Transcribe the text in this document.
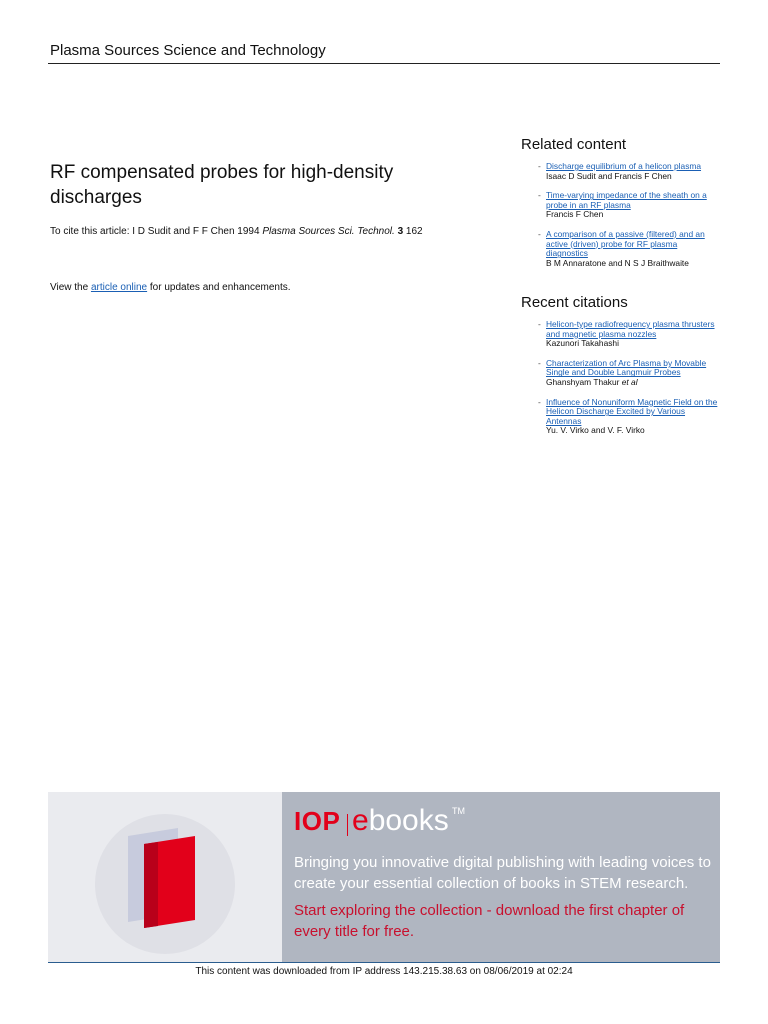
Plasma Sources Science and Technology
RF compensated probes for high-density discharges
To cite this article: I D Sudit and F F Chen 1994 Plasma Sources Sci. Technol. 3 162
View the article online for updates and enhancements.
Related content
- Discharge equilibrium of a helicon plasma
Isaac D Sudit and Francis F Chen
- Time-varying impedance of the sheath on a probe in an RF plasma
Francis F Chen
- A comparison of a passive (filtered) and an active (driven) probe for RF plasma diagnostics
B M Annaratone and N S J Braithwaite
Recent citations
- Helicon-type radiofrequency plasma thrusters and magnetic plasma nozzles
Kazunori Takahashi
- Characterization of Arc Plasma by Movable Single and Double Langmuir Probes
Ghanshyam Thakur et al
- Influence of Nonuniform Magnetic Field on the Helicon Discharge Excited by Various Antennas
Yu. V. Virko and V. F. Virko
IOP ebooks TM
Bringing you innovative digital publishing with leading voices to create your essential collection of books in STEM research.
Start exploring the collection - download the first chapter of every title for free.
This content was downloaded from IP address 143.215.38.63 on 08/06/2019 at 02:24
